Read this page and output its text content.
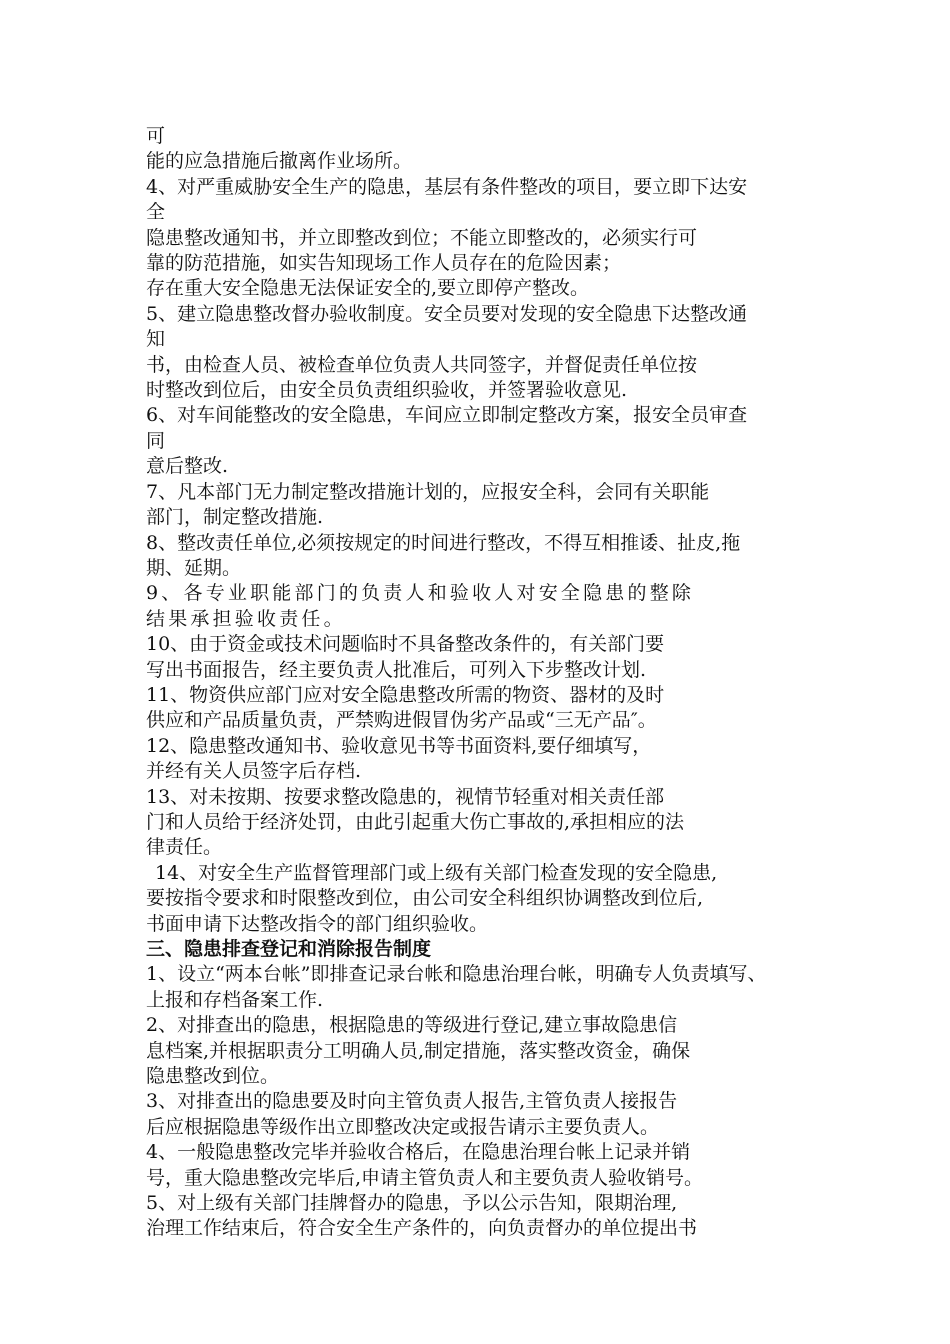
可
能的应急措施后撤离作业场所。
4、对严重威胁安全生产的隐患，基层有条件整改的项目，要立即下达安
全
隐患整改通知书，并立即整改到位；不能立即整改的，必须实行可
靠的防范措施，如实告知现场工作人员存在的危险因素；
存在重大安全隐患无法保证安全的,要立即停产整改。
5、建立隐患整改督办验收制度。安全员要对发现的安全隐患下达整改通
知
书，由检查人员、被检查单位负责人共同签字，并督促责任单位按
时整改到位后，由安全员负责组织验收，并签署验收意见.
6、对车间能整改的安全隐患，车间应立即制定整改方案，报安全员审查
同
意后整改.
7、凡本部门无力制定整改措施计划的，应报安全科，会同有关职能
部门，制定整改措施.
8、整改责任单位,必须按规定的时间进行整改，不得互相推诿、扯皮,拖
期、延期。
9、各专业职能部门的负责人和验收人对安全隐患的整除
结果承担验收责任。
10、由于资金或技术问题临时不具备整改条件的，有关部门要
写出书面报告，经主要负责人批准后，可列入下步整改计划.
11、物资供应部门应对安全隐患整改所需的物资、器材的及时
供应和产品质量负责，严禁购进假冒伪劣产品或“三无产品″。
12、隐患整改通知书、验收意见书等书面资料,要仔细填写，
并经有关人员签字后存档.
13、对未按期、按要求整改隐患的，视情节轻重对相关责任部
门和人员给于经济处罚，由此引起重大伤亡事故的,承担相应的法
律责任。
14、对安全生产监督管理部门或上级有关部门检查发现的安全隐患,
要按指令要求和时限整改到位，由公司安全科组织协调整改到位后,
书面申请下达整改指令的部门组织验收。
三、隐患排查登记和消除报告制度
1、设立“两本台帐”即排查记录台帐和隐患治理台帐，明确专人负责填写、
上报和存档备案工作.
2、对排查出的隐患，根据隐患的等级进行登记,建立事故隐患信
息档案,并根据职责分工明确人员,制定措施，落实整改资金，确保
隐患整改到位。
3、对排查出的隐患要及时向主管负责人报告,主管负责人接报告
后应根据隐患等级作出立即整改决定或报告请示主要负责人。
4、一般隐患整改完毕并验收合格后，在隐患治理台帐上记录并销
号，重大隐患整改完毕后,申请主管负责人和主要负责人验收销号。
5、对上级有关部门挂牌督办的隐患，予以公示告知，限期治理,
治理工作结束后，符合安全生产条件的，向负责督办的单位提出书
